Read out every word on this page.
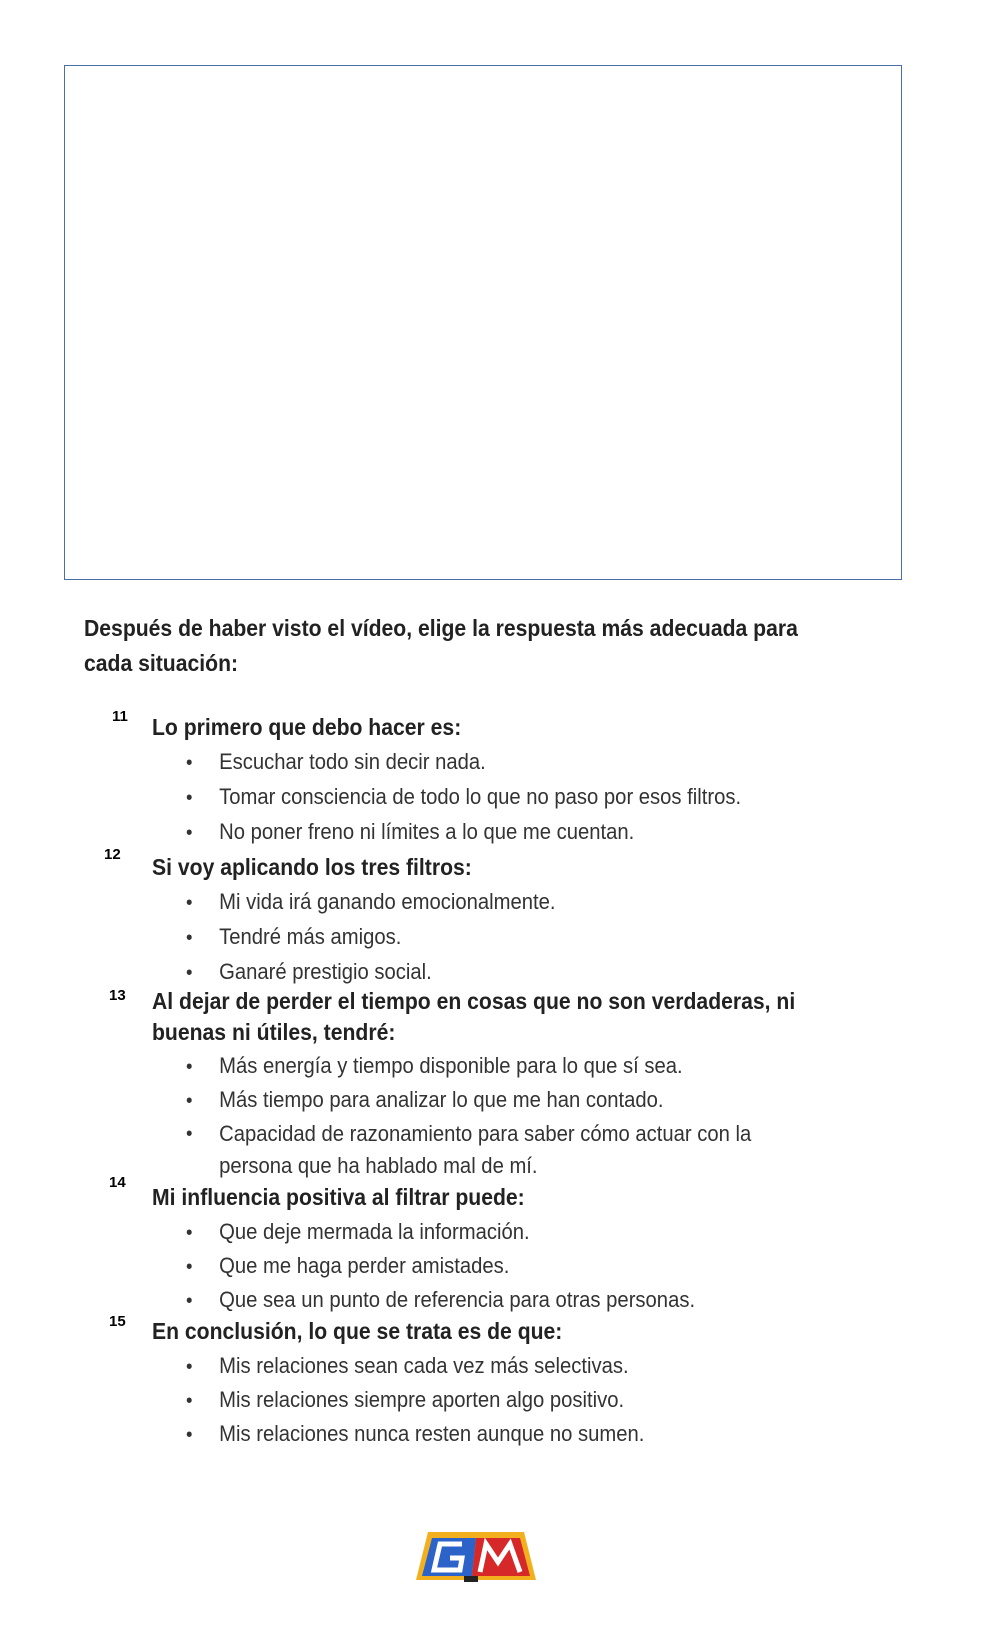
Después de haber visto el vídeo, elige la respuesta más adecuada para cada situación:
11 Lo primero que debo hacer es:
• Escuchar todo sin decir nada.
• Tomar consciencia de todo lo que no paso por esos filtros.
• No poner freno ni límites a lo que me cuentan.
12 Si voy aplicando los tres filtros:
• Mi vida irá ganando emocionalmente.
• Tendré más amigos.
• Ganaré prestigio social.
13 Al dejar de perder el tiempo en cosas que no son verdaderas, ni buenas ni útiles, tendré:
• Más energía y tiempo disponible para lo que sí sea.
• Más tiempo para analizar lo que me han contado.
•	Capacidad de razonamiento para saber cómo actuar con la persona que ha hablado mal de mí.
14
Mi influencia positiva al filtrar puede:
• Que deje mermada la información.
• Que me haga perder amistades.
• Que sea un punto de referencia para otras personas.
15 En conclusión, lo que se trata es de que:
• Mis relaciones sean cada vez más selectivas.
• Mis relaciones siempre aporten algo positivo.
• Mis relaciones nunca resten aunque no sumen.
